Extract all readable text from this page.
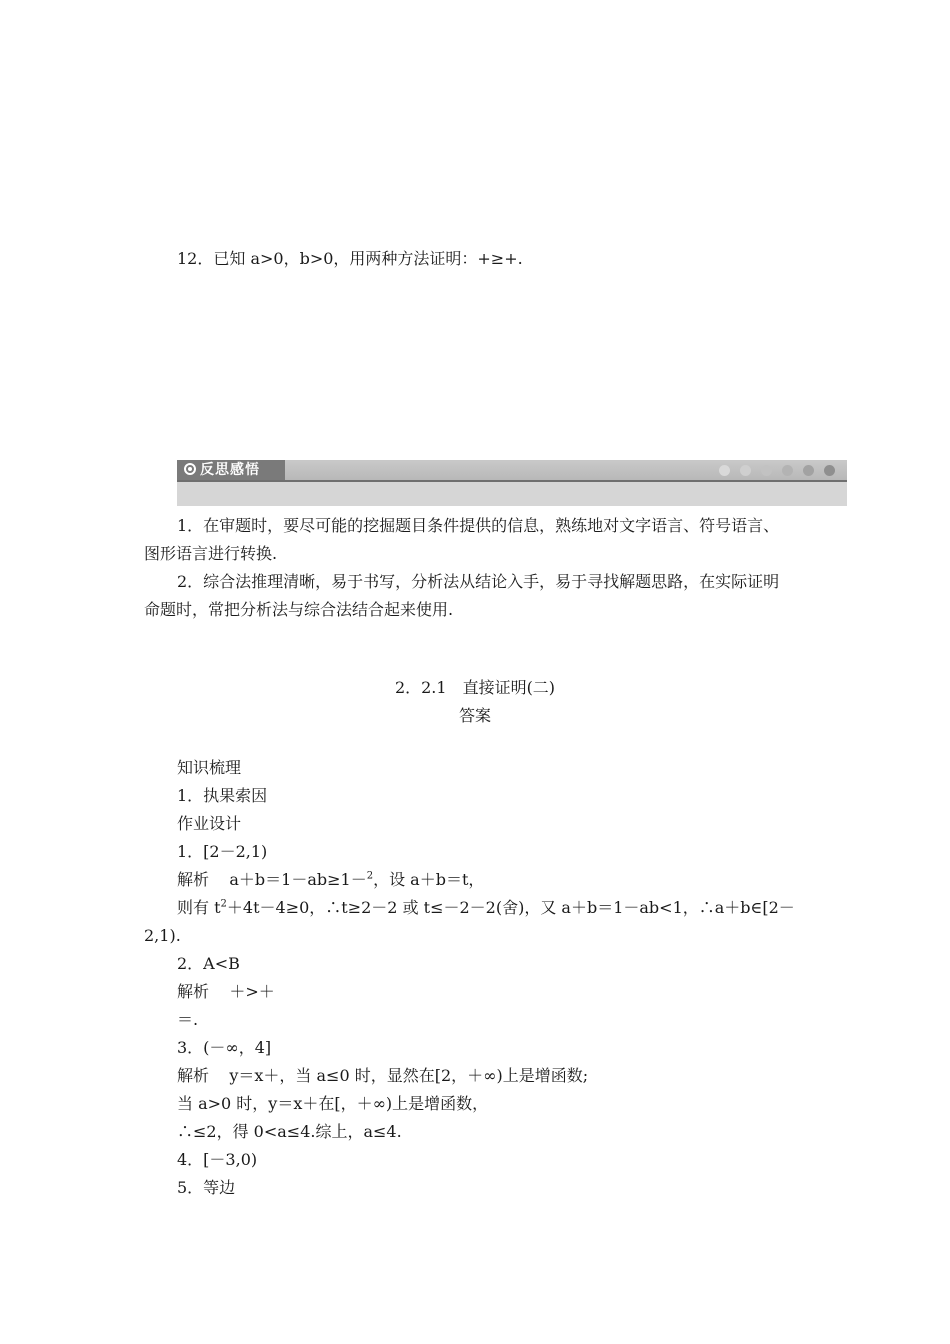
12．已知 a>0，b>0，用两种方法证明：+≥+.
反思感悟
1．在审题时，要尽可能的挖掘题目条件提供的信息，熟练地对文字语言、符号语言、
图形语言进行转换.
2．综合法推理清晰，易于书写，分析法从结论入手，易于寻找解题思路，在实际证明
命题时，常把分析法与综合法结合起来使用.
2．2.1　直接证明(二)
答案
知识梳理
1．执果索因
作业设计
1．[2－2,1)
解析 a＋b＝1－ab≥1－$^2$，设 a＋b＝t，
则有 $t^2+4t-4\ge 0$，∴t≥2－2 或 t≤－2－2(舍)，又 a＋b＝1－ab<1，∴a＋b∈[2－
2,1).
2．A<B
解析 ＋>＋
＝.
3．(－∞，4]
解析 y＝x＋，当 a≤0 时，显然在[2，＋∞)上是增函数;
当 a>0 时，y＝x＋在[，＋∞)上是增函数，
∴≤2，得 0<a≤4.综上，a≤4.
4．[－3,0)
5．等边
